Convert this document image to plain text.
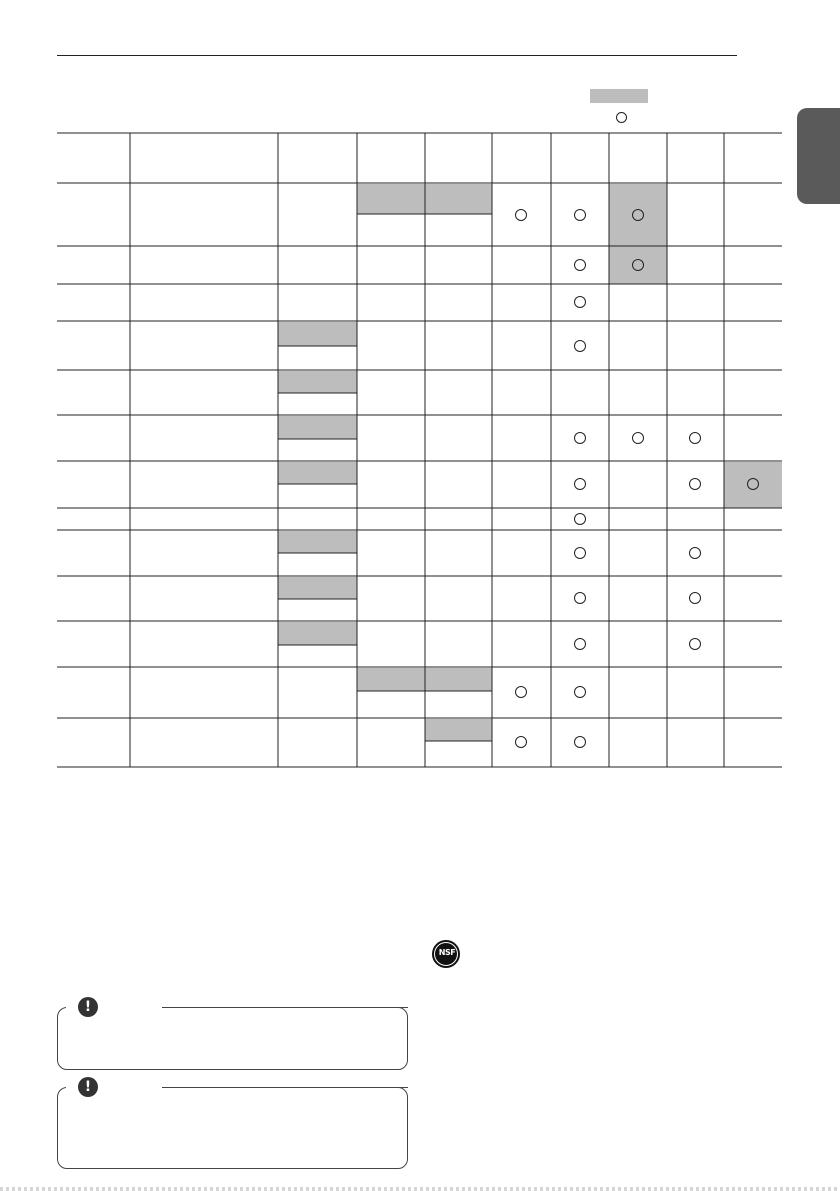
NSF
!
!
